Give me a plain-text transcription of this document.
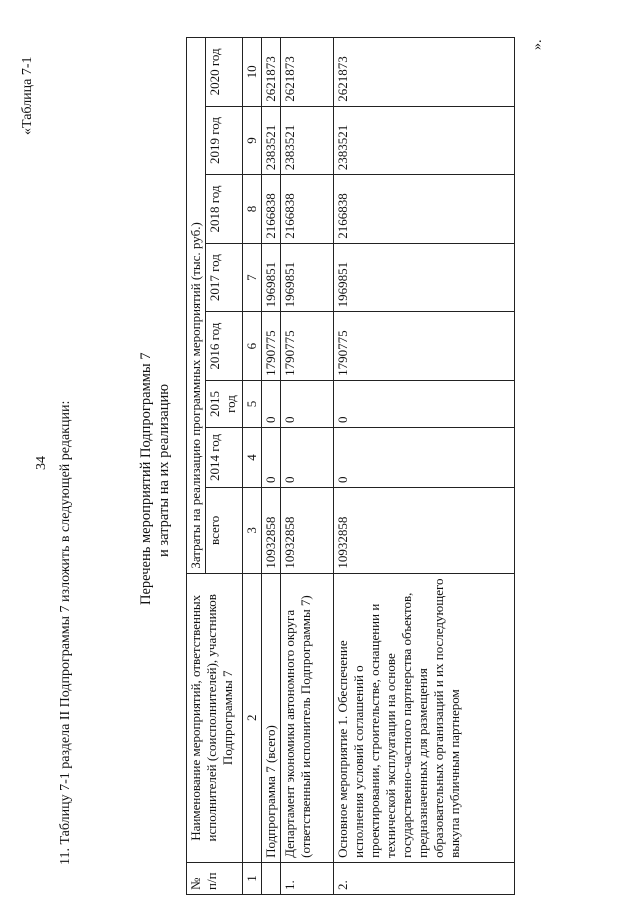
34 11. Таблицу 7-1 раздела II Подпрограммы 7 изложить в следующей редакции:
«Таблица 7-1
Перечень мероприятий Подпрограммы 7 и затраты на их реализацию
№ п/п	Наименование мероприятий, ответственных исполнителей (соисполнителей), участников Подпрограммы 7	Затраты на реализацию программных мероприятий (тыс. руб.)							
		всего	2014 год	2015 год	2016 год	2017 год	2018 год	2019 год	2020 год
1	2	3	4	5	6	7	8	9	10
	Подпрограмма 7 (всего)	10932858	0	0	1790775	1969851	2166838	2383521	2621873
1.	Департамент экономики автономного округа (ответственный исполнитель Подпрограммы 7)	10932858	0	0	1790775	1969851	2166838	2383521	2621873
2.	Основное мероприятие 1. Обеспечение исполнения условий соглашений о проектировании, строительстве, оснащении и технической эксплуатации на основе государственно-частного партнерства объектов, предназначенных для размещения образовательных организаций и их последующего выкупа публичным партнером	10932858	0	0	1790775	1969851	2166838	2383521	2621873
».
